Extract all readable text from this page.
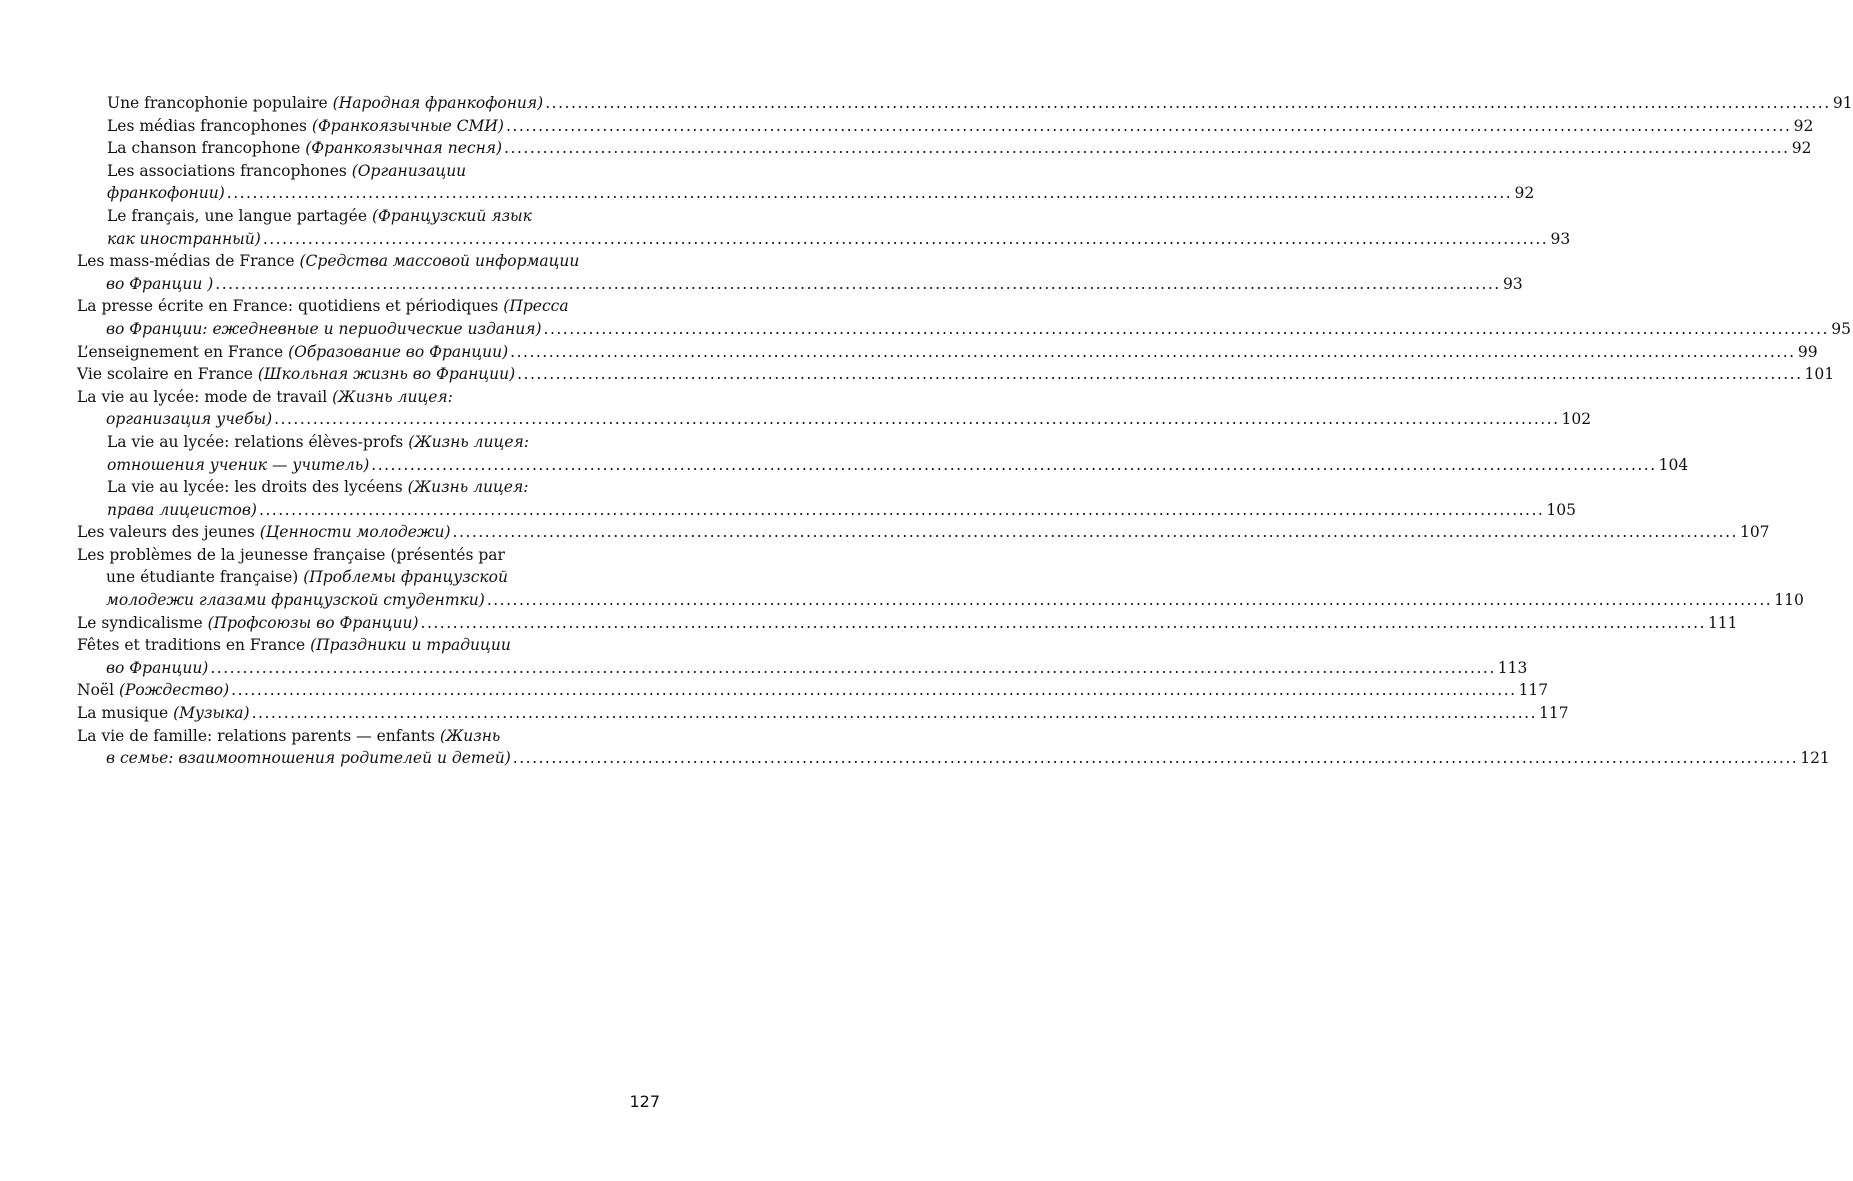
Une francophonie populaire (Народная франкофония) .....	91
Les médias francophones (Франкоязычные СМИ) .....	92
La chanson francophone (Франкоязычная песня) .....	92
Les associations francophones (Организации
франкофонии) .....	92
Le français, une langue partagée (Французский язык
как иностранный) .....	93
Les mass-médias de France (Средства массовой информации
во Франции ) .....	93
La presse écrite en France: quotidiens et périodiques (Пресса
во Франции: ежедневные и периодические издания) .....	95
L’enseignement en France (Образование во Франции) .....	99
Vie scolaire en France (Школьная жизнь во Франции) .....	101
La vie au lycée: mode de travail (Жизнь лицея:
организация учебы) .....	102
La vie au lycée: relations élèves-profs (Жизнь лицея:
отношения ученик — учитель) .....	104
La vie au lycée: les droits des lycéens (Жизнь лицея:
права лицеистов) .....	105
Les valeurs des jeunes (Ценности молодежи) .....	107
Les problèmes de la jeunesse française (présentés par
une étudiante française) (Проблемы французской
молодежи глазами французской студентки) .....	110
Le syndicalisme (Профсоюзы во Франции) .....	111
Fêtes et traditions en France (Праздники и традиции
во Франции) .....	113
Noël (Рождество) .....	117
La musique (Музыка) .....	117
La vie de famille: relations parents — enfants (Жизнь
в семье: взаимоотношения родителей и детей) .....	121
127
